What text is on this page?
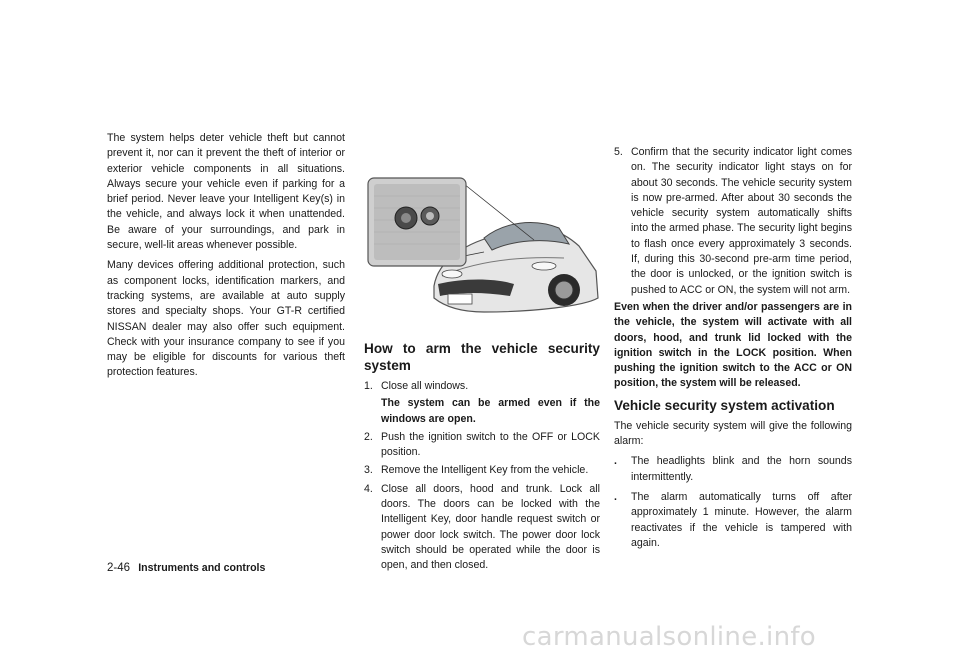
The system helps deter vehicle theft but cannot prevent it, nor can it prevent the theft of interior or exterior vehicle components in all situations. Always secure your vehicle even if parking for a brief period. Never leave your Intelligent Key(s) in the vehicle, and always lock it when unattended. Be aware of your surroundings, and park in secure, well-lit areas whenever possible.

Many devices offering additional protection, such as component locks, identification markers, and tracking systems, are available at auto supply stores and specialty shops. Your GT-R certified NISSAN dealer may also offer such equipment. Check with your insurance company to see if you may be eligible for discounts for various theft protection features.

How to arm the vehicle security system
1. Close all windows.
The system can be armed even if the windows are open.
2. Push the ignition switch to the OFF or LOCK position.
3. Remove the Intelligent Key from the vehicle.
4. Close all doors, hood and trunk. Lock all doors. The doors can be locked with the Intelligent Key, door handle request switch or power door lock switch. The power door lock switch should be operated while the door is open, and then closed.
5. Confirm that the security indicator light comes on. The security indicator light stays on for about 30 seconds. The vehicle security system is now pre-armed. After about 30 seconds the vehicle security system automatically shifts into the armed phase. The security light begins to flash once every approximately 3 seconds. If, during this 30-second pre-arm time period, the door is unlocked, or the ignition switch is pushed to ACC or ON, the system will not arm.

Even when the driver and/or passengers are in the vehicle, the system will activate with all doors, hood, and trunk lid locked with the ignition switch in the LOCK position. When pushing the ignition switch to the ACC or ON position, the system will be released.

Vehicle security system activation

The vehicle security system will give the following alarm:

. The headlights blink and the horn sounds intermittently.
. The alarm automatically turns off after approximately 1 minute. However, the alarm reactivates if the vehicle is tampered with again.
2-46 Instruments and controls
carmanualsonline.info
